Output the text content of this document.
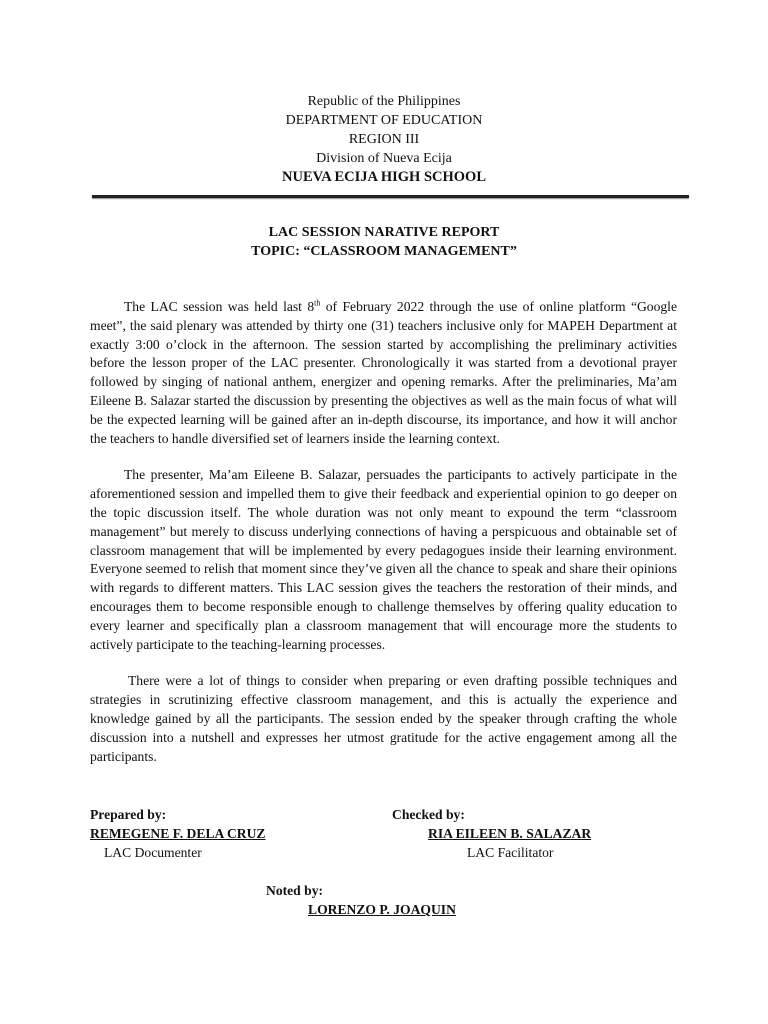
Republic of the Philippines
DEPARTMENT OF EDUCATION
REGION III
Division of Nueva Ecija
NUEVA ECIJA HIGH SCHOOL
LAC SESSION NARATIVE REPORT
TOPIC: “CLASSROOM MANAGEMENT”

The LAC session was held last 8th of February 2022 through the use of online platform “Google meet”, the said plenary was attended by thirty one (31) teachers inclusive only for MAPEH Department at exactly 3:00 o’clock in the afternoon. The session started by accomplishing the preliminary activities before the lesson proper of the LAC presenter. Chronologically it was started from a devotional prayer followed by singing of national anthem, energizer and opening remarks. After the preliminaries, Ma’am Eileene B. Salazar started the discussion by presenting the objectives as well as the main focus of what will be the expected learning will be gained after an in-depth discourse, its importance, and how it will anchor the teachers to handle diversified set of learners inside the learning context.

The presenter, Ma’am Eileene B. Salazar, persuades the participants to actively participate in the aforementioned session and impelled them to give their feedback and experiential opinion to go deeper on the topic discussion itself. The whole duration was not only meant to expound the term “classroom management” but merely to discuss underlying connections of having a perspicuous and obtainable set of classroom management that will be implemented by every pedagogues inside their learning environment. Everyone seemed to relish that moment since they’ve given all the chance to speak and share their opinions with regards to different matters. This LAC session gives the teachers the restoration of their minds, and encourages them to become responsible enough to challenge themselves by offering quality education to every learner and specifically plan a classroom management that will encourage more the students to actively participate to the teaching-learning processes.

There were a lot of things to consider when preparing or even drafting possible techniques and strategies in scrutinizing effective classroom management, and this is actually the experience and knowledge gained by all the participants. The session ended by the speaker through crafting the whole discussion into a nutshell and expresses her utmost gratitude for the active engagement among all the participants.

Prepared by:
REMEGENE F. DELA CRUZ
LAC Documenter
Checked by:
RIA EILEEN B. SALAZAR
LAC Facilitator
Noted by:
LORENZO P. JOAQUIN
